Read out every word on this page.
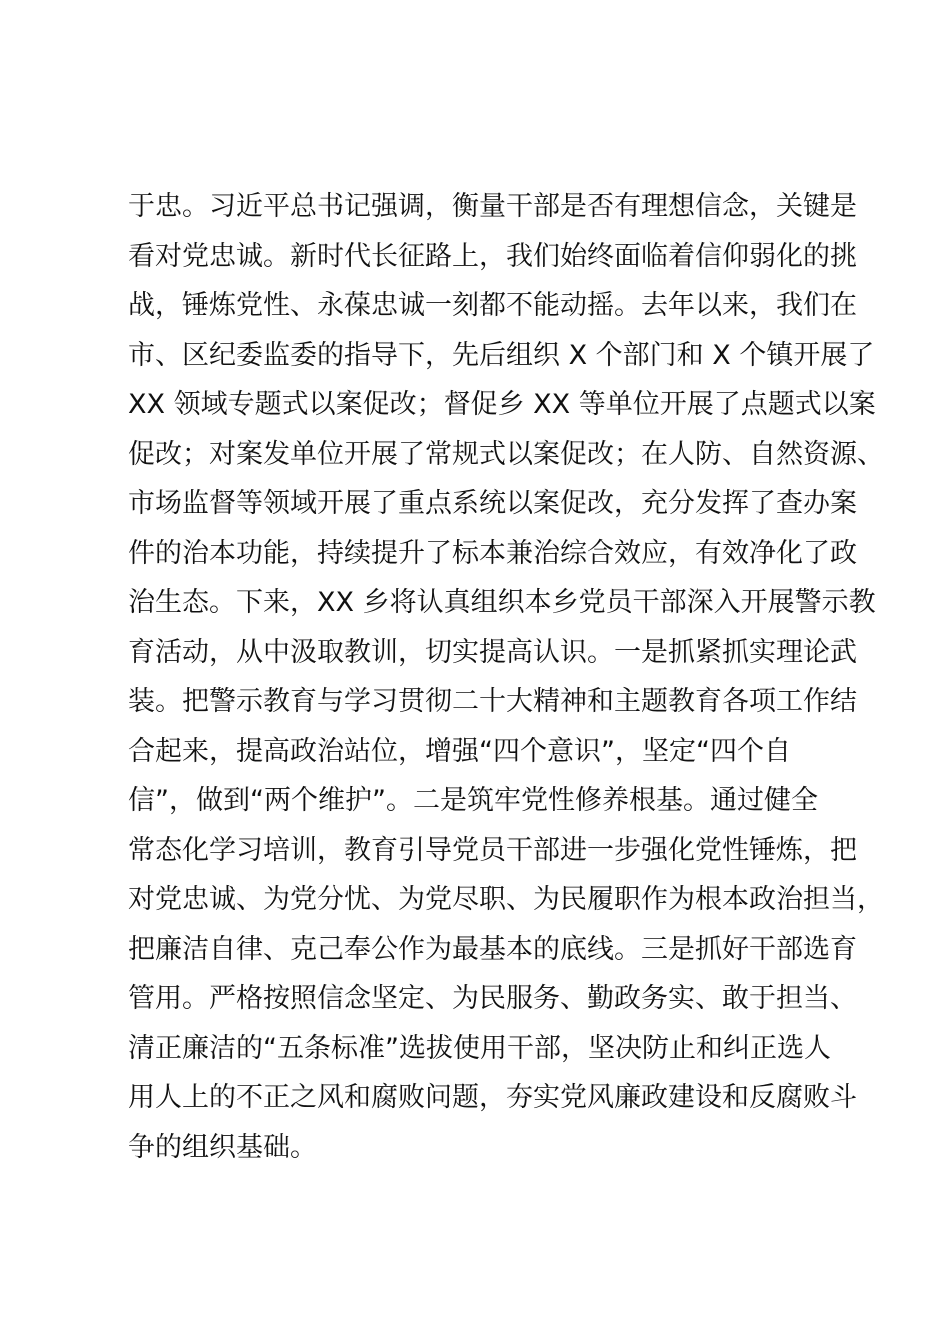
于忠。习近平总书记强调，衡量干部是否有理想信念，关键是
看对党忠诚。新时代长征路上，我们始终面临着信仰弱化的挑
战，锤炼党性、永葆忠诚一刻都不能动摇。去年以来，我们在
市、区纪委监委的指导下，先后组织 X 个部门和 X 个镇开展了
XX 领域专题式以案促改；督促乡 XX 等单位开展了点题式以案
促改；对案发单位开展了常规式以案促改；在人防、自然资源、
市场监督等领域开展了重点系统以案促改，充分发挥了查办案
件的治本功能，持续提升了标本兼治综合效应，有效净化了政
治生态。下来，XX 乡将认真组织本乡党员干部深入开展警示教
育活动，从中汲取教训，切实提高认识。一是抓紧抓实理论武
装。把警示教育与学习贯彻二十大精神和主题教育各项工作结
合起来，提高政治站位，增强“四个意识”，坚定“四个自
信”，做到“两个维护”。二是筑牢党性修养根基。通过健全
常态化学习培训，教育引导党员干部进一步强化党性锤炼，把
对党忠诚、为党分忧、为党尽职、为民履职作为根本政治担当，
把廉洁自律、克己奉公作为最基本的底线。三是抓好干部选育
管用。严格按照信念坚定、为民服务、勤政务实、敢于担当、
清正廉洁的“五条标准”选拔使用干部，坚决防止和纠正选人
用人上的不正之风和腐败问题，夯实党风廉政建设和反腐败斗
争的组织基础。
